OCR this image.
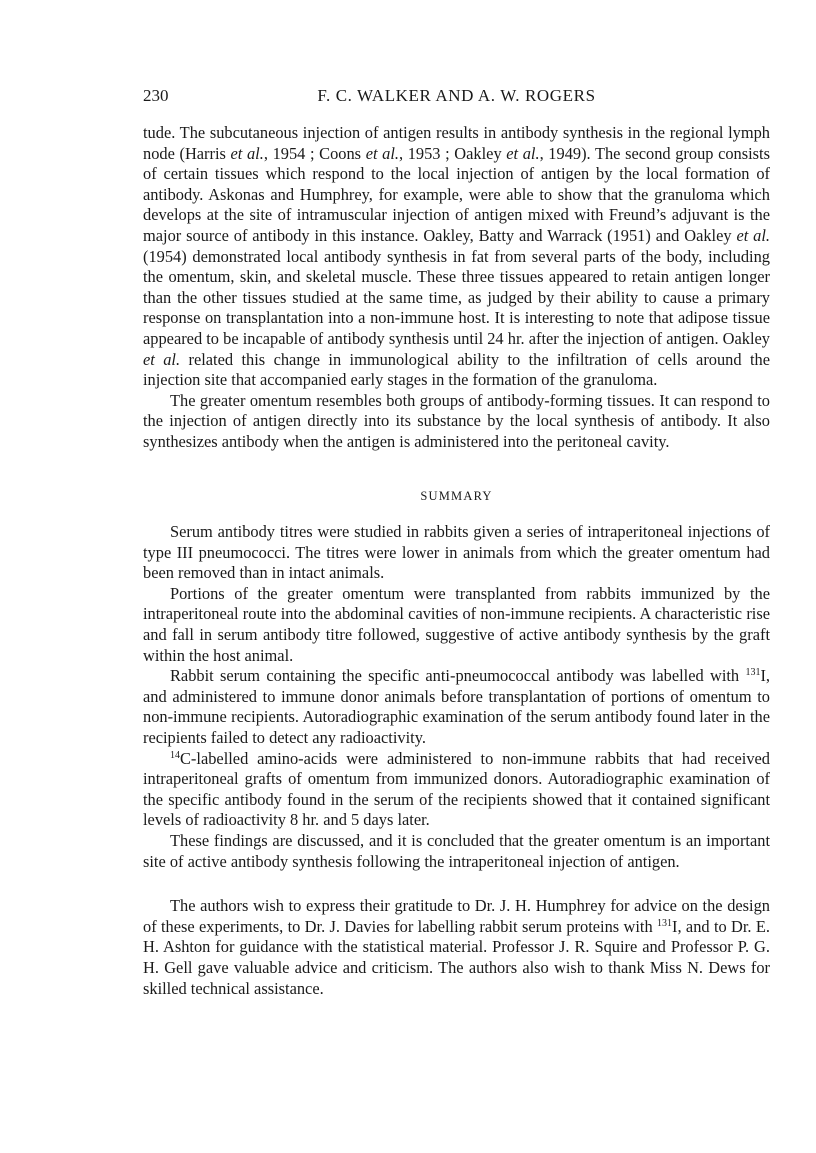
230	F. C. WALKER AND A. W. ROGERS

tude. The subcutaneous injection of antigen results in antibody synthesis in the regional lymph node (Harris et al., 1954 ; Coons et al., 1953 ; Oakley et al., 1949). The second group consists of certain tissues which respond to the local injection of antigen by the local formation of antibody. Askonas and Humphrey, for example, were able to show that the granuloma which develops at the site of intramuscular injection of antigen mixed with Freund’s adjuvant is the major source of antibody in this instance. Oakley, Batty and Warrack (1951) and Oakley et al. (1954) demonstrated local antibody synthesis in fat from several parts of the body, including the omentum, skin, and skeletal muscle. These three tissues appeared to retain antigen longer than the other tissues studied at the same time, as judged by their ability to cause a primary response on transplantation into a non-immune host. It is interesting to note that adipose tissue appeared to be incapable of antibody synthesis until 24 hr. after the injection of antigen. Oakley et al. related this change in immunological ability to the infiltration of cells around the injection site that accompanied early stages in the formation of the granuloma.

The greater omentum resembles both groups of antibody-forming tissues. It can respond to the injection of antigen directly into its substance by the local synthesis of antibody. It also synthesizes antibody when the antigen is administered into the peritoneal cavity.

SUMMARY

Serum antibody titres were studied in rabbits given a series of intraperitoneal injections of type III pneumococci. The titres were lower in animals from which the greater omentum had been removed than in intact animals.

Portions of the greater omentum were transplanted from rabbits immunized by the intraperitoneal route into the abdominal cavities of non-immune recipients. A characteristic rise and fall in serum antibody titre followed, suggestive of active antibody synthesis by the graft within the host animal.

Rabbit serum containing the specific anti-pneumococcal antibody was labelled with $^{131}$I, and administered to immune donor animals before transplantation of portions of omentum to non-immune recipients. Autoradiographic examination of the serum antibody found later in the recipients failed to detect any radioactivity.

$^{14}$C-labelled amino-acids were administered to non-immune rabbits that had received intraperitoneal grafts of omentum from immunized donors. Autoradiographic examination of the specific antibody found in the serum of the recipients showed that it contained significant levels of radioactivity 8 hr. and 5 days later.

These findings are discussed, and it is concluded that the greater omentum is an important site of active antibody synthesis following the intraperitoneal injection of antigen.

The authors wish to express their gratitude to Dr. J. H. Humphrey for advice on the design of these experiments, to Dr. J. Davies for labelling rabbit serum proteins with $^{131}$I, and to Dr. E. H. Ashton for guidance with the statistical material. Professor J. R. Squire and Professor P. G. H. Gell gave valuable advice and criticism. The authors also wish to thank Miss N. Dews for skilled technical assistance.
